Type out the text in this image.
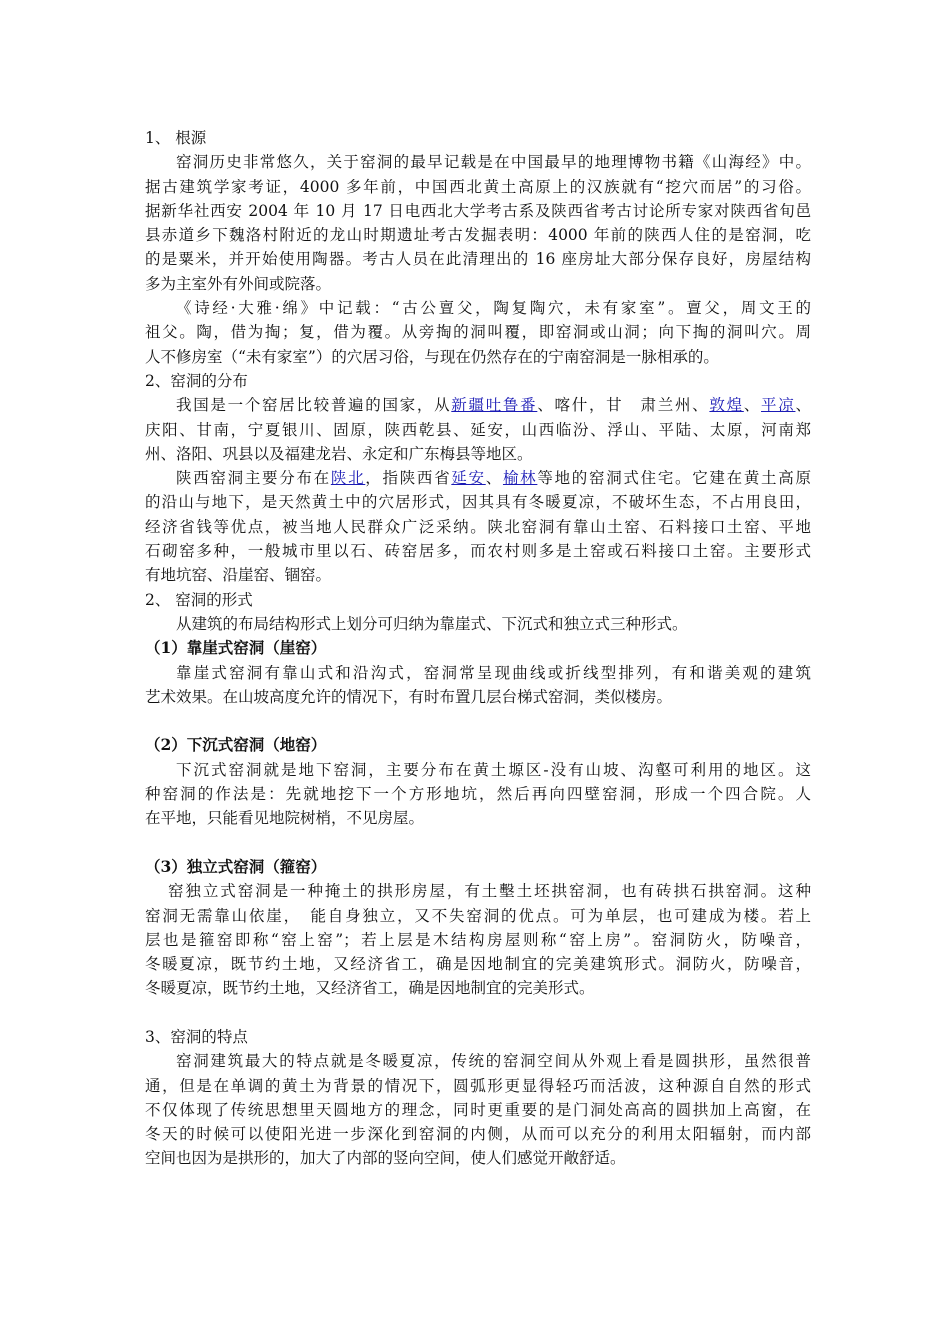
1、 根源
窑洞历史非常悠久，关于窑洞的最早记载是在中国最早的地理博物书籍《山海经》中。
据古建筑学家考证，4000 多年前，中国西北黄土高原上的汉族就有“挖穴而居”的习俗。
据新华社西安 2004 年 10 月 17 日电西北大学考古系及陕西省考古讨论所专家对陕西省旬邑
县赤道乡下魏洛村附近的龙山时期遗址考古发掘表明：4000 年前的陕西人住的是窑洞，吃
的是粟米，并开始使用陶器。考古人员在此清理出的 16 座房址大部分保存良好，房屋结构
多为主室外有外间或院落。
《诗经·大雅·绵》中记载：“古公亶父，陶复陶穴，未有家室”。亶父，周文王的
祖父。陶，借为掏；复，借为覆。从旁掏的洞叫覆，即窑洞或山洞；向下掏的洞叫穴。周
人不修房室（“未有家室”）的穴居习俗，与现在仍然存在的宁南窑洞是一脉相承的。
2、窑洞的分布
我国是一个窑居比较普遍的国家，从新疆吐鲁番、喀什，甘　肃兰州、敦煌、平凉、
庆阳、甘南，宁夏银川、固原，陕西乾县、延安，山西临汾、浮山、平陆、太原，河南郑
州、洛阳、巩县以及福建龙岩、永定和广东梅县等地区。
陕西窑洞主要分布在陕北，指陕西省延安、榆林等地的窑洞式住宅。它建在黄土高原
的沿山与地下，是天然黄土中的穴居形式，因其具有冬暖夏凉，不破坏生态，不占用良田，
经济省钱等优点，被当地人民群众广泛采纳。陕北窑洞有靠山土窑、石料接口土窑、平地
石砌窑多种，一般城市里以石、砖窑居多，而农村则多是土窑或石料接口土窑。主要形式
有地坑窑、沿崖窑、锢窑。
2、 窑洞的形式
从建筑的布局结构形式上划分可归纳为靠崖式、下沉式和独立式三种形式。
（1）靠崖式窑洞（崖窑）
靠崖式窑洞有靠山式和沿沟式，窑洞常呈现曲线或折线型排列，有和谐美观的建筑
艺术效果。在山坡高度允许的情况下，有时布置几层台梯式窑洞，类似楼房。
（2）下沉式窑洞（地窑）
下沉式窑洞就是地下窑洞，主要分布在黄土塬区-没有山坡、沟壑可利用的地区。这
种窑洞的作法是：先就地挖下一个方形地坑，然后再向四壁窑洞，形成一个四合院。人
在平地，只能看见地院树梢，不见房屋。
（3）独立式窑洞（箍窑）
窑独立式窑洞是一种掩土的拱形房屋，有土墼土坯拱窑洞，也有砖拱石拱窑洞。这种
窑洞无需靠山依崖，　能自身独立，又不失窑洞的优点。可为单层，也可建成为楼。若上
层也是箍窑即称“窑上窑”；若上层是木结构房屋则称“窑上房”。窑洞防火，防噪音，
冬暖夏凉，既节约土地，又经济省工，确是因地制宜的完美建筑形式。洞防火，防噪音，
冬暖夏凉，既节约土地，又经济省工，确是因地制宜的完美形式。
3、窑洞的特点
窑洞建筑最大的特点就是冬暖夏凉，传统的窑洞空间从外观上看是圆拱形，虽然很普
通，但是在单调的黄土为背景的情况下，圆弧形更显得轻巧而活波，这种源自自然的形式
不仅体现了传统思想里天圆地方的理念，同时更重要的是门洞处高高的圆拱加上高窗，在
冬天的时候可以使阳光进一步深化到窑洞的内侧，从而可以充分的利用太阳辐射，而内部
空间也因为是拱形的，加大了内部的竖向空间，使人们感觉开敞舒适。
